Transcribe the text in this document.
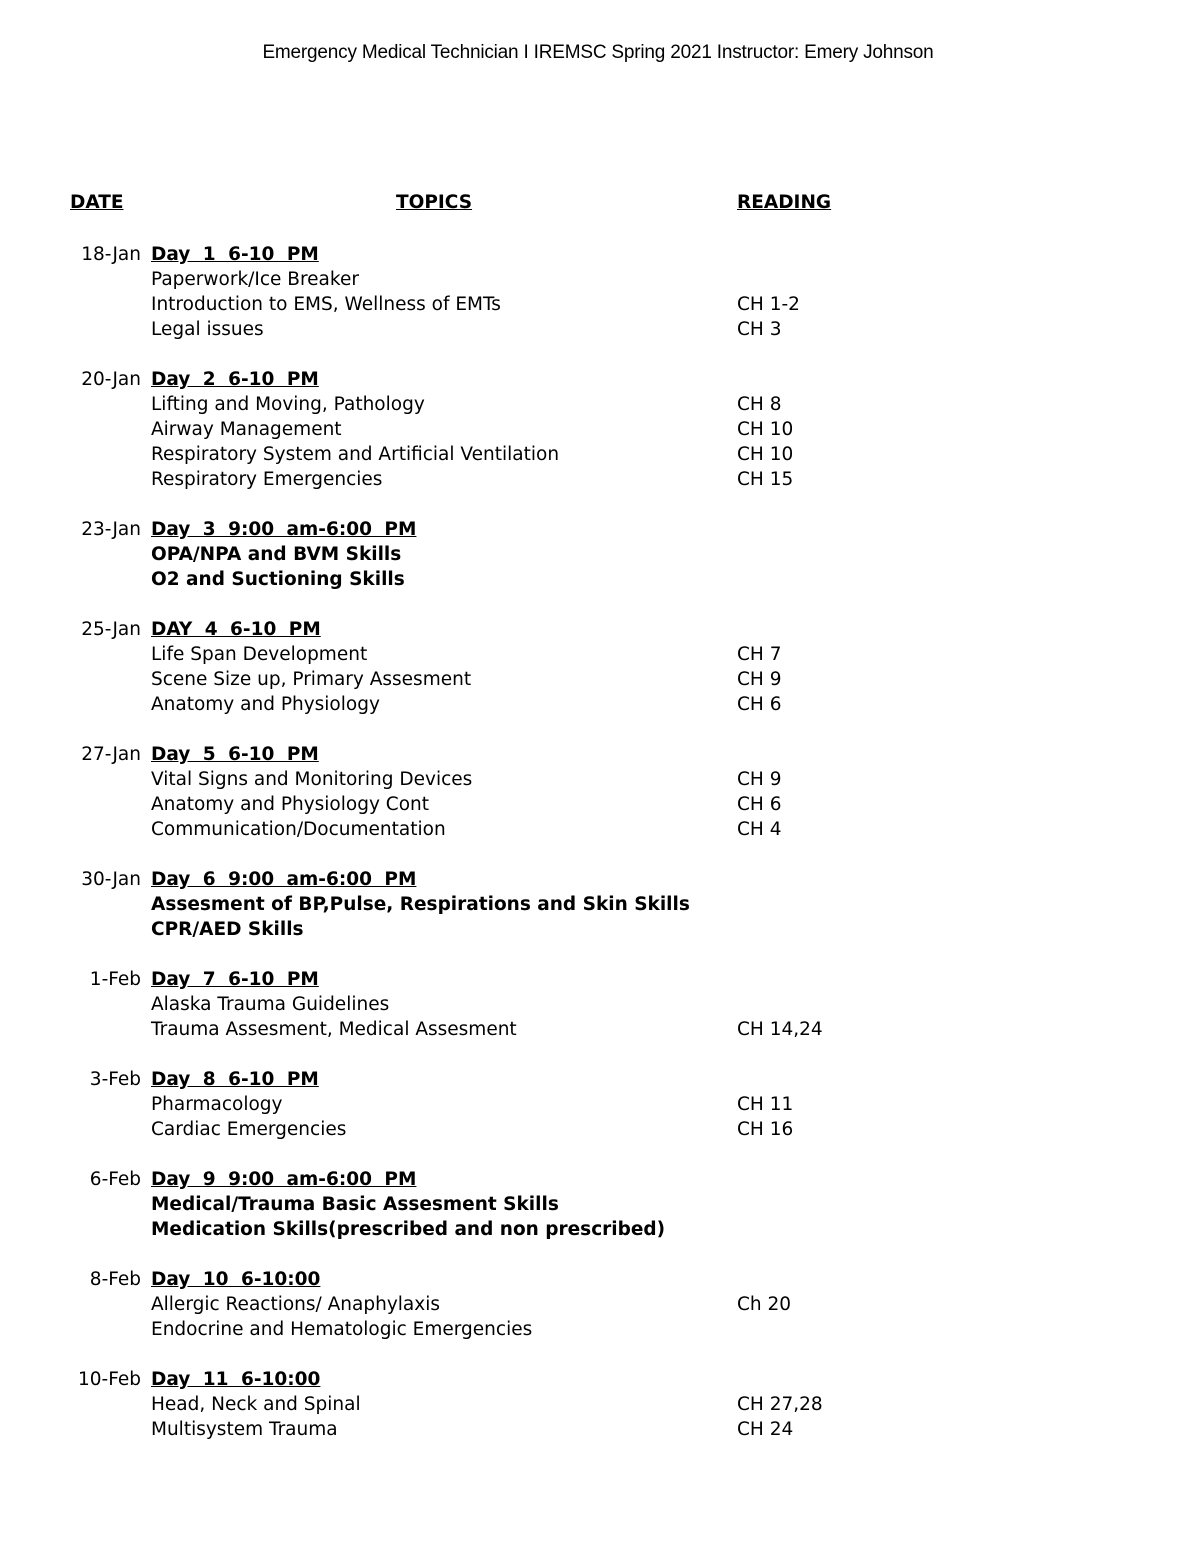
Emergency Medical Technician I IREMSC Spring 2021 Instructor: Emery Johnson
DATE	TOPICS	READING
18-Jan Day 1 6-10 PM
Paperwork/Ice Breaker
Introduction to EMS, Wellness of EMTs	CH 1-2
Legal issues	CH 3
20-Jan Day 2 6-10 PM
Lifting and Moving, Pathology	CH 8
Airway Management	CH 10
Respiratory System and Artificial Ventilation	CH 10
Respiratory Emergencies	CH 15
23-Jan Day 3 9:00 am-6:00 PM
OPA/NPA and BVM Skills
O2 and Suctioning Skills
25-Jan DAY 4 6-10 PM
Life Span Development	CH 7
Scene Size up, Primary Assesment	CH 9
Anatomy and Physiology	CH 6
27-Jan Day 5 6-10 PM
Vital Signs and Monitoring Devices	CH 9
Anatomy and Physiology Cont	CH 6
Communication/Documentation	CH 4
30-Jan Day 6 9:00 am-6:00 PM
Assesment of BP,Pulse, Respirations and Skin Skills
CPR/AED Skills
1-Feb Day 7 6-10 PM
Alaska Trauma Guidelines
Trauma Assesment, Medical Assesment	CH 14,24
3-Feb Day 8 6-10 PM
Pharmacology	CH 11
Cardiac Emergencies	CH 16
6-Feb Day 9 9:00 am-6:00 PM
Medical/Trauma Basic Assesment Skills
Medication Skills(prescribed and non prescribed)
8-Feb Day 10 6-10:00
Allergic Reactions/ Anaphylaxis	Ch 20
Endocrine and Hematologic Emergencies
10-Feb Day 11 6-10:00
Head, Neck and Spinal	CH 27,28
Multisystem Trauma	CH 24
